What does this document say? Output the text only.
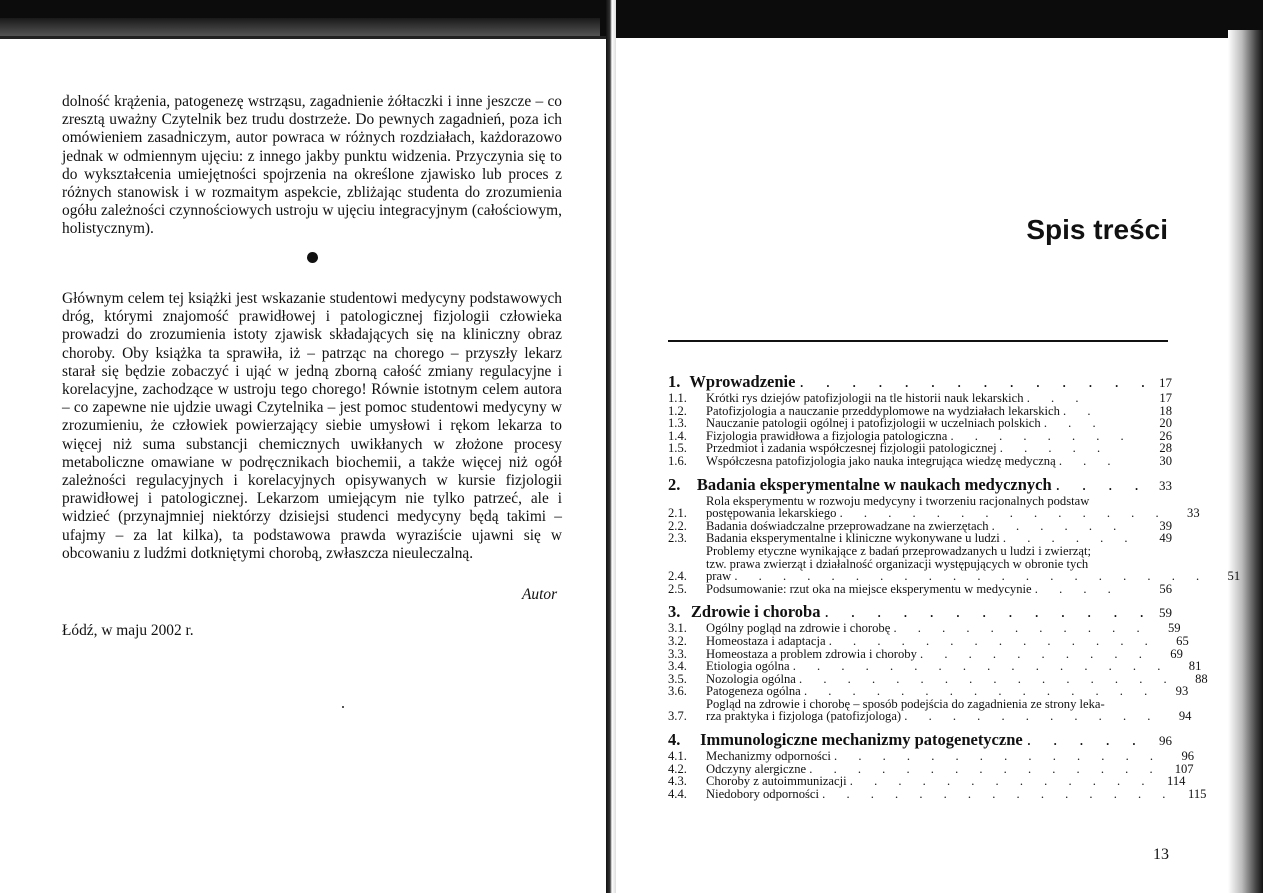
dolność krążenia, patogenezę wstrząsu, zagadnienie żółtaczki i inne jeszcze – co zresztą uważny Czytelnik bez trudu dostrzeże. Do pewnych zagadnień, poza ich omówieniem zasadniczym, autor powraca w różnych rozdziałach, każdorazowo jednak w odmiennym ujęciu: z innego jakby punktu widzenia. Przyczynia się to do wykształcenia umiejętności spojrzenia na określone zjawisko lub proces z różnych stanowisk i w rozmaitym aspekcie, zbliżając studenta do zrozumienia ogółu zależności czynnościowych ustroju w ujęciu integracyjnym (całościowym, holistycznym).

Głównym celem tej książki jest wskazanie studentowi medycyny podstawowych dróg, którymi znajomość prawidłowej i patologicznej fizjologii człowieka prowadzi do zrozumienia istoty zjawisk składających się na kliniczny obraz choroby. Oby książka ta sprawiła, iż – patrząc na chorego – przyszły lekarz starał się będzie zobaczyć i ująć w jedną zborną całość zmiany regulacyjne i korelacyjne, zachodzące w ustroju tego chorego! Równie istotnym celem autora – co zapewne nie ujdzie uwagi Czytelnika – jest pomoc studentowi medycyny w zrozumieniu, że człowiek powierzający siebie umysłowi i rękom lekarza to więcej niż suma substancji chemicznych uwikłanych w złożone procesy metaboliczne omawiane w podręcznikach biochemii, a także więcej niż ogół zależności regulacyjnych i korelacyjnych opisywanych w kursie fizjologii prawidłowej i patologicznej. Lekarzom umiejącym nie tylko patrzeć, ale i widzieć (przynajmniej niektórzy dzisiejsi studenci medycyny będą takimi – ufajmy – za lat kilka), ta podstawowa prawda wyraziście ujawni się w obcowaniu z ludźmi dotkniętymi chorobą, zwłaszcza nieuleczalną.

Autor
Łódź, w maju 2002 r.
Spis treści
1. Wprowadzenie . . . . . . . . . . . . . . 17
1.1.	Krótki rys dziejów patofizjologii na tle historii nauk lekarskich . . .	17
1.2.	Patofizjologia a nauczanie przeddyplomowe na wydziałach lekarskich . .	18
1.3.	Nauczanie patologii ogólnej i patofizjologii w uczelniach polskich . . .	20
1.4.	Fizjologia prawidłowa a fizjologia patologiczna . . . . . . . .	26
1.5.	Przedmiot i zadania współczesnej fizjologii patologicznej . . . . .	28
1.6.	Współczesna patofizjologia jako nauka integrująca wiedzę medyczną . . .	30
2.	Badania eksperymentalne w naukach medycznych . . . . 33
2.1.
Rola eksperymentu w rozwoju medycyny i tworzeniu racjonalnych podstaw
postępowania lekarskiego . . . . . . . . . . . . . .	33
2.2.	Badania doświadczalne przeprowadzane na zwierzętach . . . . . .	39
2.3.	Badania eksperymentalne i kliniczne wykonywane u ludzi . . . . . .	49
2.4.
Problemy etyczne wynikające z badań przeprowadzanych u ludzi i zwierząt;
tzw. prawa zwierząt i działalność organizacji występujących w obronie tych
praw . . . . . . . . . . . . . . . . . . . .	51
2.5.	Podsumowanie: rzut oka na miejsce eksperymentu w medycynie . . . .	56
3. Zdrowie i choroba . . . . . . . . . . . . . 59
3.1.	Ogólny pogląd na zdrowie i chorobę . . . . . . . . . . .	59
3.2.	Homeostaza i adaptacja . . . . . . . . . . . . . .	65
3.3.	Homeostaza a problem zdrowia i choroby . . . . . . . . . .	69
3.4.	Etiologia ogólna . . . . . . . . . . . . . . . .	81
3.5.	Nozologia ogólna . . . . . . . . . . . . . . . .	88
3.6.	Patogeneza ogólna . . . . . . . . . . . . . . .	93
3.7.
Pogląd na zdrowie i chorobę – sposób podejścia do zagadnienia ze strony leka-
rza praktyka i fizjologa (patofizjologa) . . . . . . . . . . .	94
4.	Immunologiczne mechanizmy patogenetyczne . . . . .	96
4.1.	Mechanizmy odporności . . . . . . . . . . . . . .	96
4.2.	Odczyny alergiczne . . . . . . . . . . . . . . .	107
4.3.	Choroby z autoimmunizacji . . . . . . . . . . . . .	114
4.4.	Niedobory odporności . . . . . . . . . . . . . . .	115
13
